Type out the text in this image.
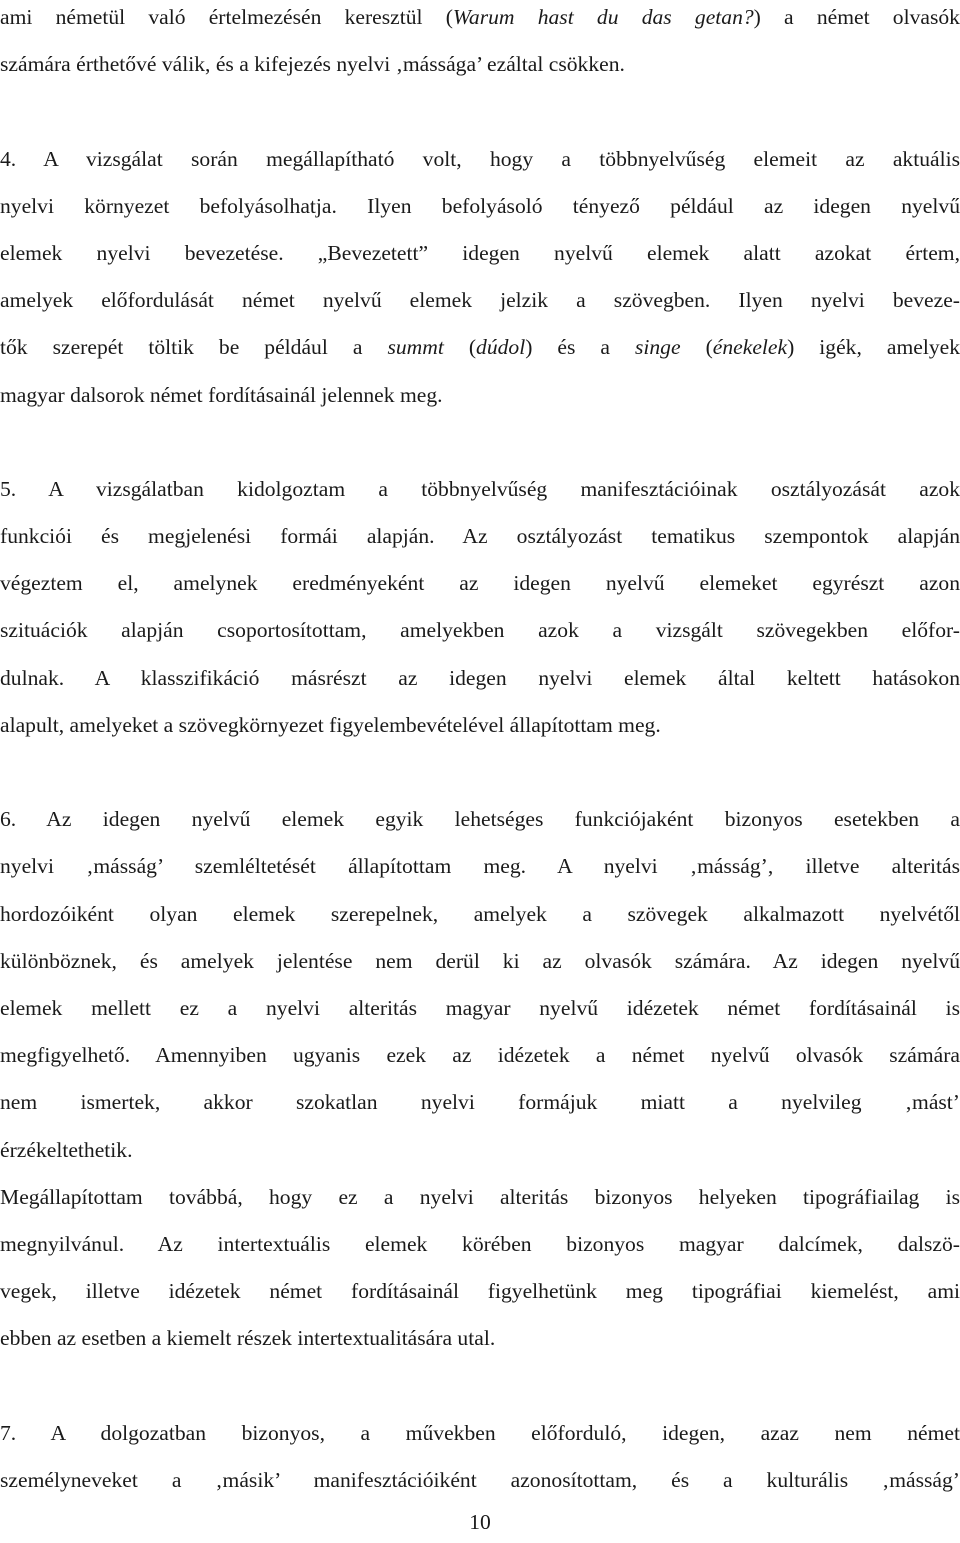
ami németül való értelmezésén keresztül (Warum hast du das getan?) a német olvasók
számára érthetővé válik, és a kifejezés nyelvi ‚mássága’ ezáltal csökken.
4. A vizsgálat során megállapítható volt, hogy a többnyelvűség elemeit az aktuális
nyelvi környezet befolyásolhatja. Ilyen befolyásoló tényező például az idegen nyelvű
elemek nyelvi bevezetése. „Bevezetett” idegen nyelvű elemek alatt azokat értem,
amelyek előfordulását német nyelvű elemek jelzik a szövegben. Ilyen nyelvi beveze-
tők szerepét töltik be például a summt (dúdol) és a singe (énekelek) igék, amelyek
magyar dalsorok német fordításainál jelennek meg.
5. A vizsgálatban kidolgoztam a többnyelvűség manifesztációinak osztályozását azok
funkciói és megjelenési formái alapján. Az osztályozást tematikus szempontok alapján
végeztem el, amelynek eredményeként az idegen nyelvű elemeket egyrészt azon
szituációk alapján csoportosítottam, amelyekben azok a vizsgált szövegekben előfor-
dulnak. A klasszifikáció másrészt az idegen nyelvi elemek által keltett hatásokon
alapult, amelyeket a szövegkörnyezet figyelembevételével állapítottam meg.
6. Az idegen nyelvű elemek egyik lehetséges funkciójaként bizonyos esetekben a
nyelvi ‚másság’ szemléltetését állapítottam meg. A nyelvi ‚másság’, illetve alteritás
hordozóiként olyan elemek szerepelnek, amelyek a szövegek alkalmazott nyelvétől
különböznek, és amelyek jelentése nem derül ki az olvasók számára. Az idegen nyelvű
elemek mellett ez a nyelvi alteritás magyar nyelvű idézetek német fordításainál is
megfigyelhető. Amennyiben ugyanis ezek az idézetek a német nyelvű olvasók számára
nem ismertek, akkor szokatlan nyelvi formájuk miatt a nyelvileg ‚mást’
érzékeltethetik.
Megállapítottam továbbá, hogy ez a nyelvi alteritás bizonyos helyeken tipográfiailag is
megnyilvánul. Az intertextuális elemek körében bizonyos magyar dalcímek, dalszö-
vegek, illetve idézetek német fordításainál figyelhetünk meg tipográfiai kiemelést, ami
ebben az esetben a kiemelt részek intertextualitására utal.
7. A dolgozatban bizonyos, a művekben előforduló, idegen, azaz nem német
személyneveket a ‚másik’ manifesztációiként azonosítottam, és a kulturális ‚másság’
10
